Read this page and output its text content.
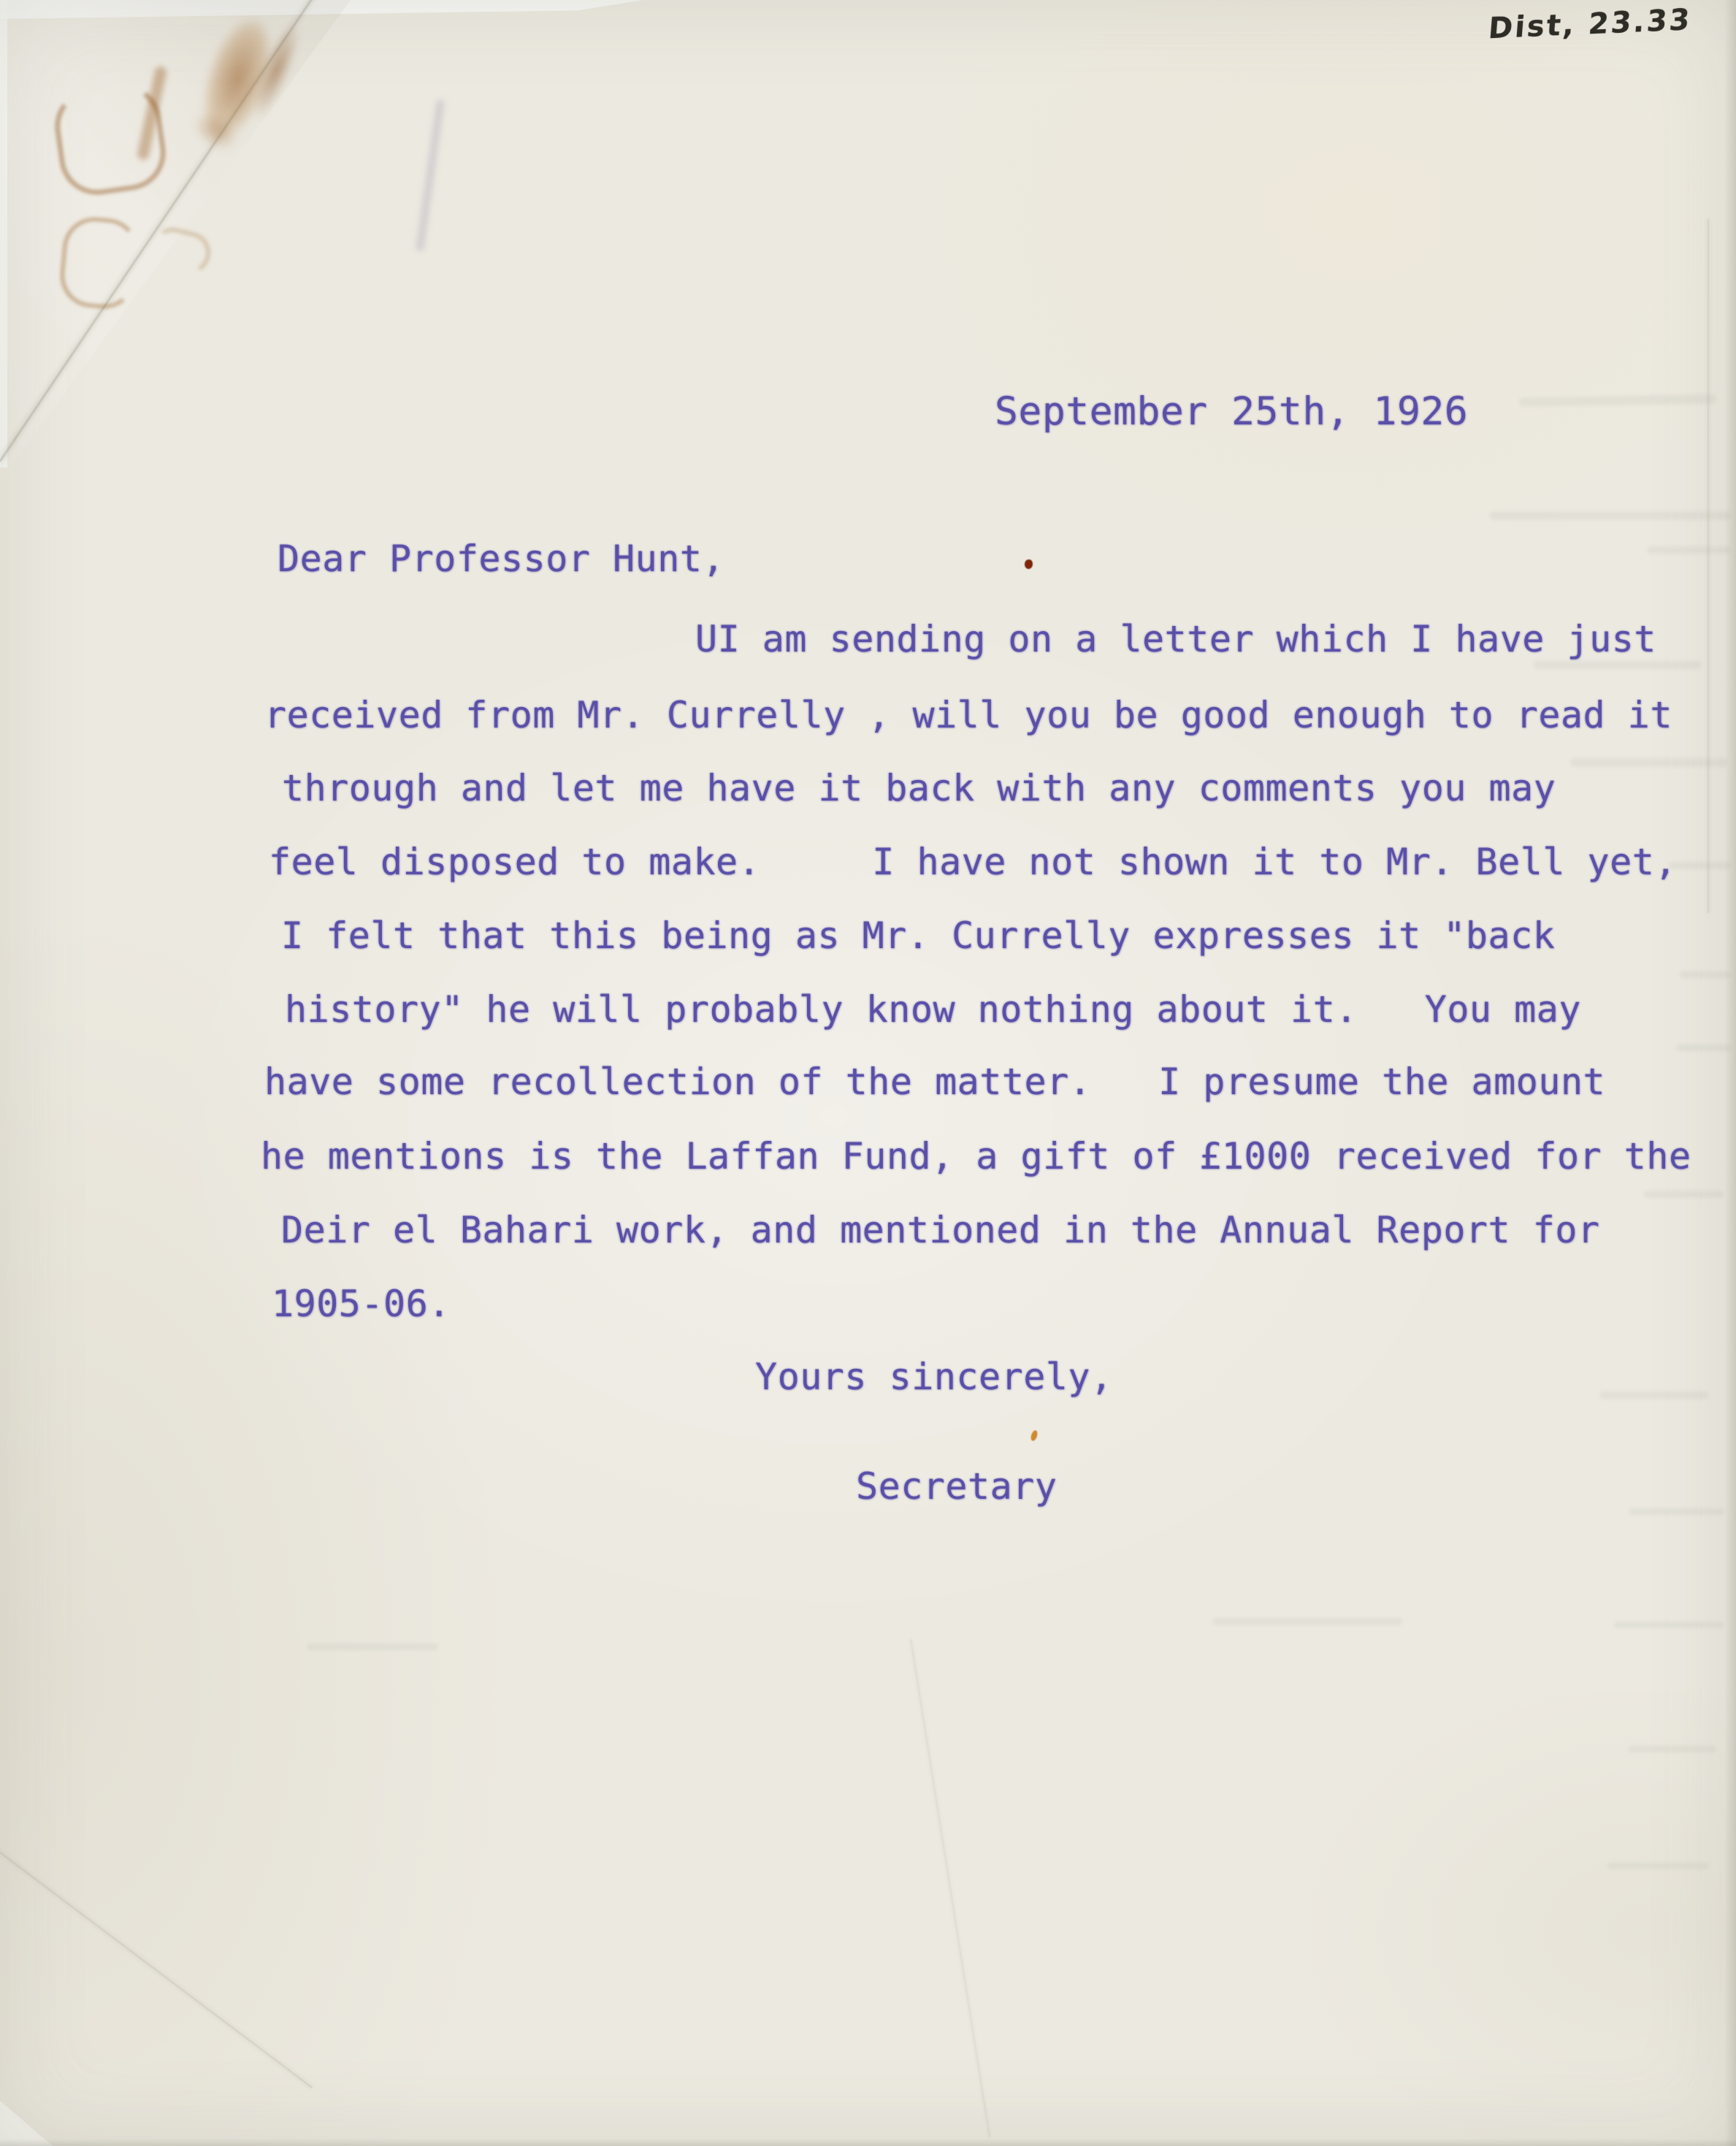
Dist, 23.33
September 25th, 1926
Dear Professor Hunt,
UI am sending on a letter which I have just
received from Mr. Currelly , will you be good enough to read it
through and let me have it back with any comments you may
feel disposed to make.     I have not shown it to Mr. Bell yet,
I felt that this being as Mr. Currelly expresses it "back
history" he will probably know nothing about it.   You may
have some recollection of the matter.   I presume the amount
he mentions is the Laffan Fund, a gift of £1000 received for the
Deir el Bahari work, and mentioned in the Annual Report for
1905-06.
Yours sincerely,
Secretary
